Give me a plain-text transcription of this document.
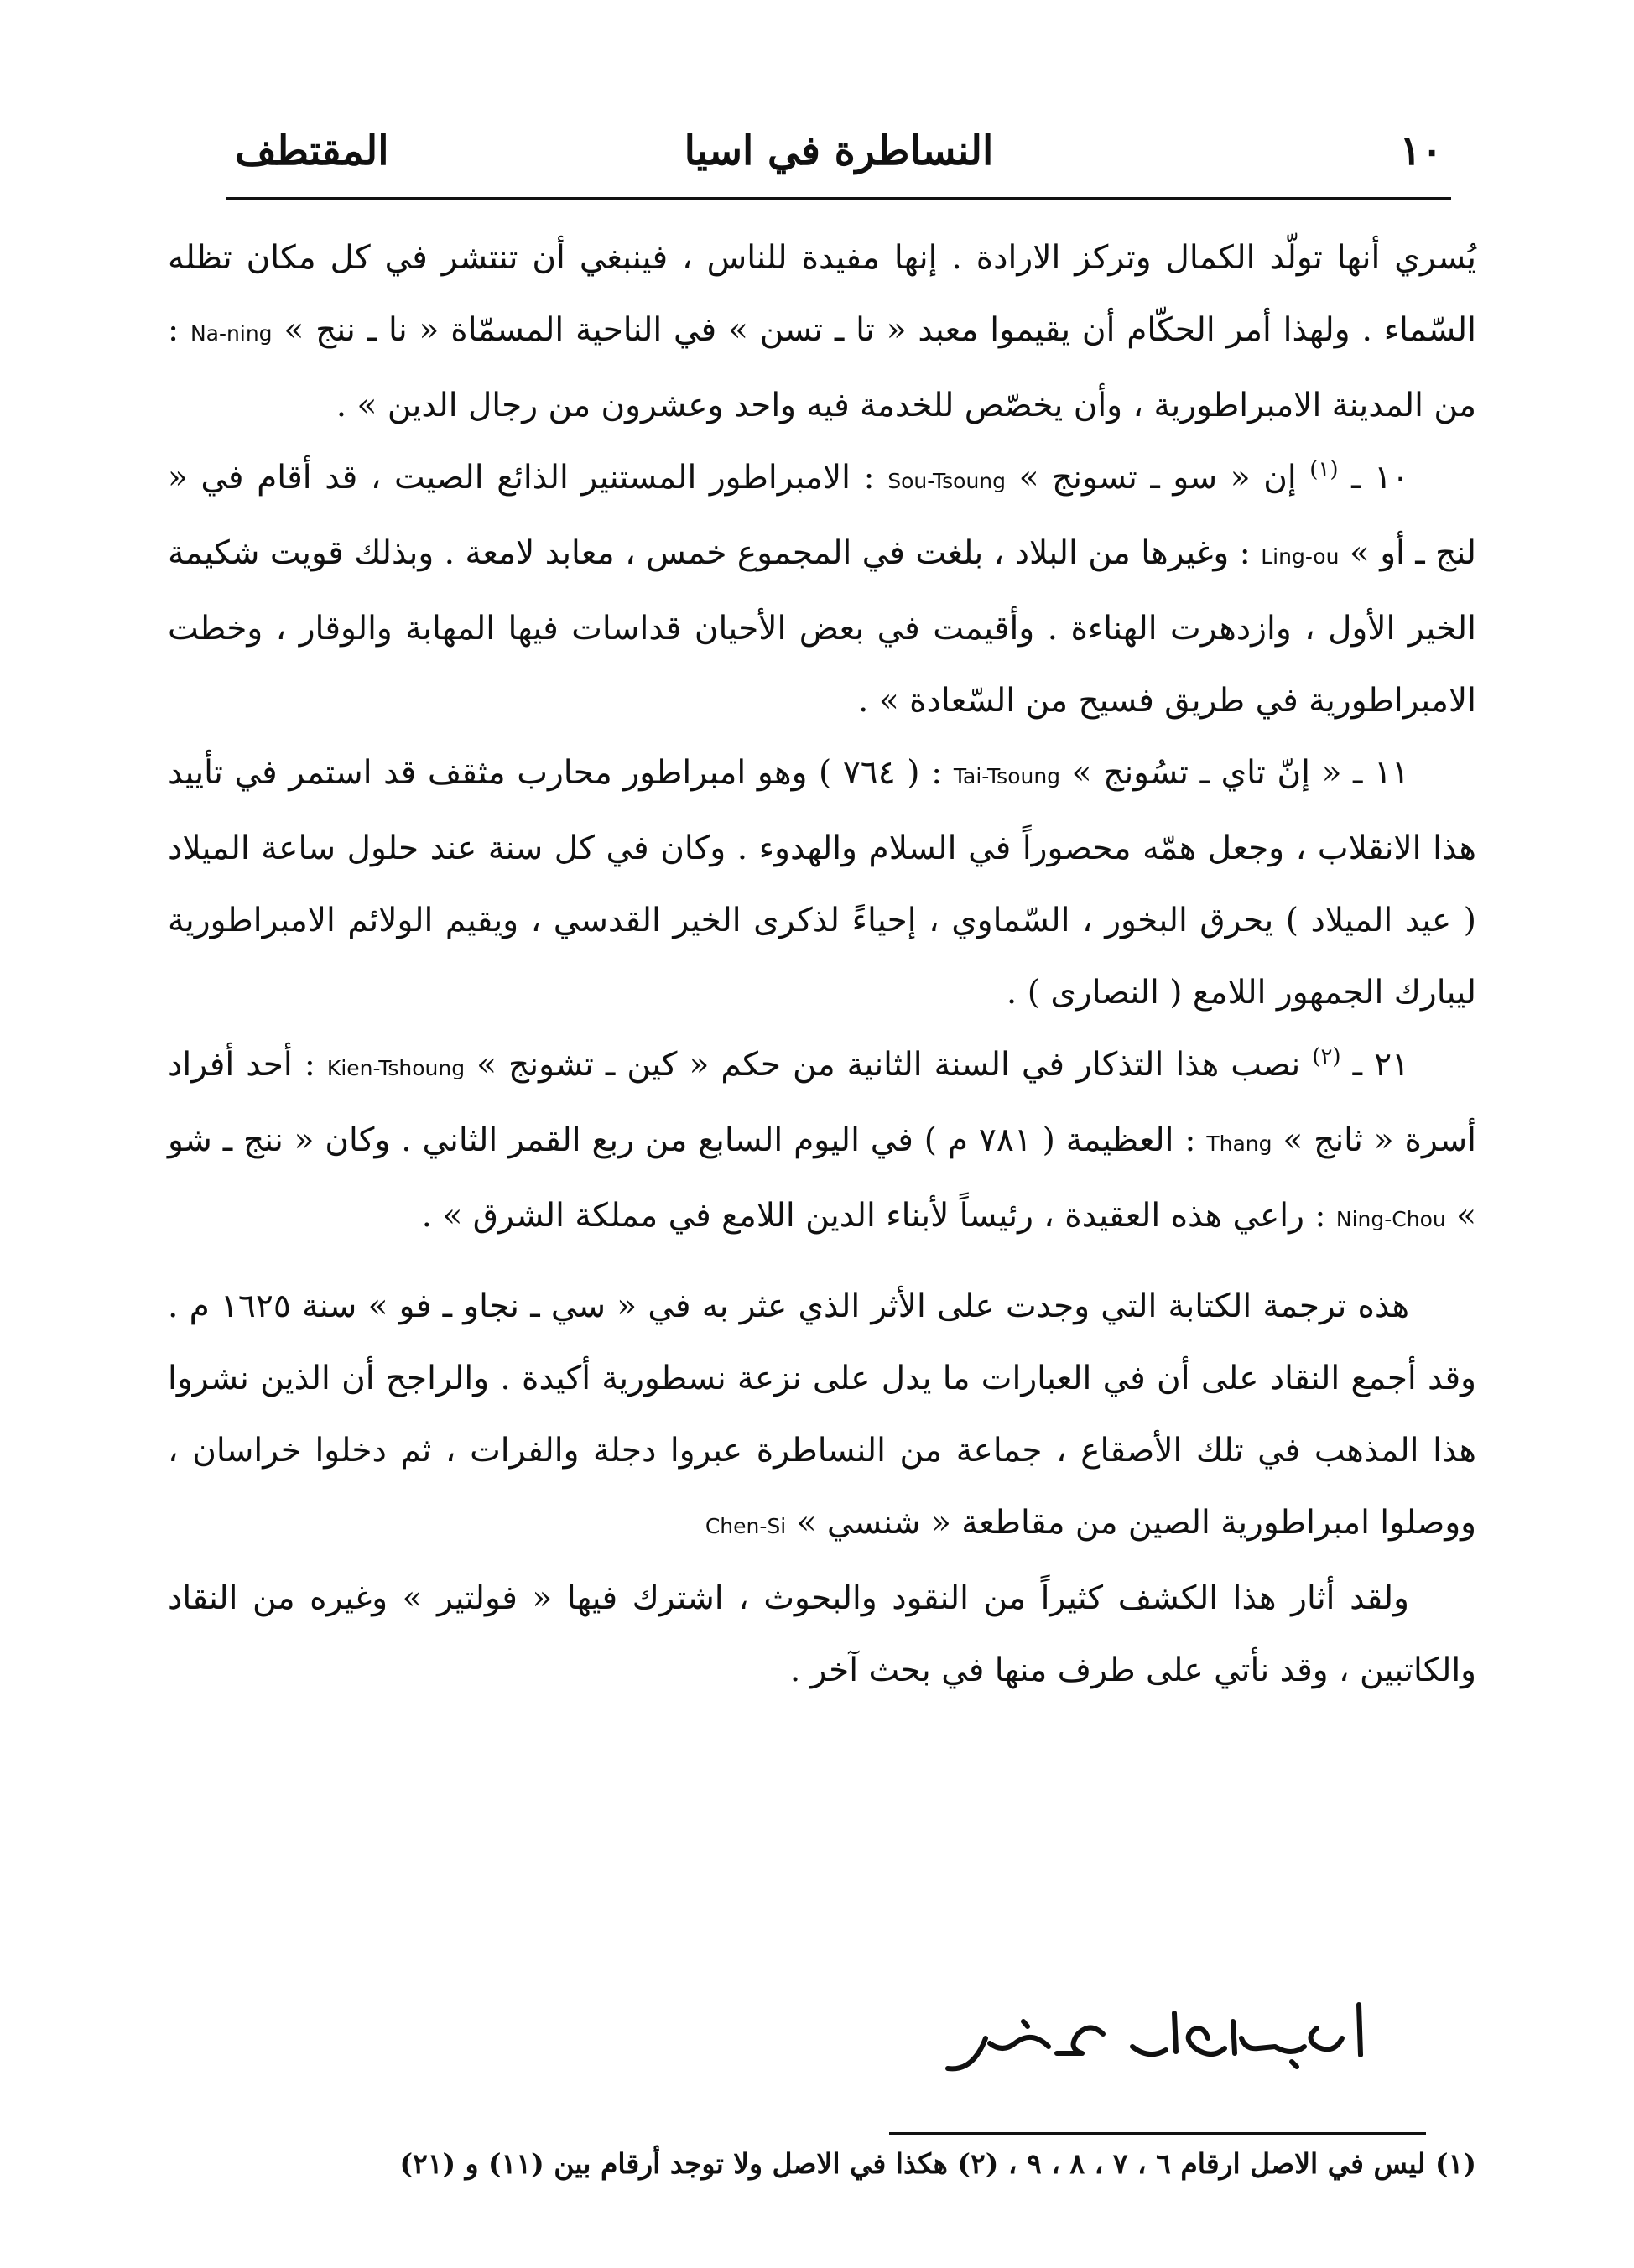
المقتطف	النساطرة في اسيا	١٠

يُسري أنها تولّد الكمال وتركز الارادة . إنها مفيدة للناس ، فينبغي أن تنتشر في كل مكان تظله السّماء . ولهذا أمر الحكّام أن يقيموا معبد « تا ـ تسن » في الناحية المسمّاة « نا ـ ننج » Na-ning : من المدينة الامبراطورية ، وأن يخصّص للخدمة فيه واحد وعشرون من رجال الدين » .

١٠ ـ $^{(١)}$ إن « سو ـ تسونج » Sou-Tsoung : الامبراطور المستنير الذائع الصيت ، قد أقام في « لنج ـ أو » Ling-ou : وغيرها من البلاد ، بلغت في المجموع خمس ، معابد لامعة . وبذلك قويت شكيمة الخير الأول ، وازدهرت الهناءة . وأقيمت في بعض الأحيان قداسات فيها المهابة والوقار ، وخطت الامبراطورية في طريق فسيح من السّعادة » .

١١ ـ « إنّ تاي ـ تسُونج » Tai-Tsoung : ( ٧٦٤ ) وهو امبراطور محارب مثقف قد استمر في تأييد هذا الانقلاب ، وجعل همّه محصوراً في السلام والهدوء . وكان في كل سنة عند حلول ساعة الميلاد ( عيد الميلاد ) يحرق البخور ، السّماوي ، إحياءً لذكرى الخير القدسي ، ويقيم الولائم الامبراطورية ليبارك الجمهور اللامع ( النصارى ) .

٢١ ـ $^{(٢)}$ نصب هذا التذكار في السنة الثانية من حكم « كين ـ تشونج » Kien-Tshoung : أحد أفراد أسرة « ثانج » Thang : العظيمة ( ٧٨١ م ) في اليوم السابع من ربع القمر الثاني . وكان « ننج ـ شو » Ning-Chou : راعي هذه العقيدة ، رئيساً لأبناء الدين اللامع في مملكة الشرق » .

هذه ترجمة الكتابة التي وجدت على الأثر الذي عثر به في « سي ـ نجاو ـ فو » سنة ١٦٢٥ م . وقد أجمع النقاد على أن في العبارات ما يدل على نزعة نسطورية أكيدة . والراجح أن الذين نشروا هذا المذهب في تلك الأصقاع ، جماعة من النساطرة عبروا دجلة والفرات ، ثم دخلوا خراسان ، ووصلوا امبراطورية الصين من مقاطعة « شنسي » Chen-Si

ولقد أثار هذا الكشف كثيراً من النقود والبحوث ، اشترك فيها « فولتير » وغيره من النقاد والكاتبين ، وقد نأتي على طرف منها في بحث آخر .

(١) ليس في الاصل ارقام ٦ ، ٧ ، ٨ ، ٩ ، (٢) هكذا في الاصل ولا توجد أرقام بين (١١) و (٢١)
